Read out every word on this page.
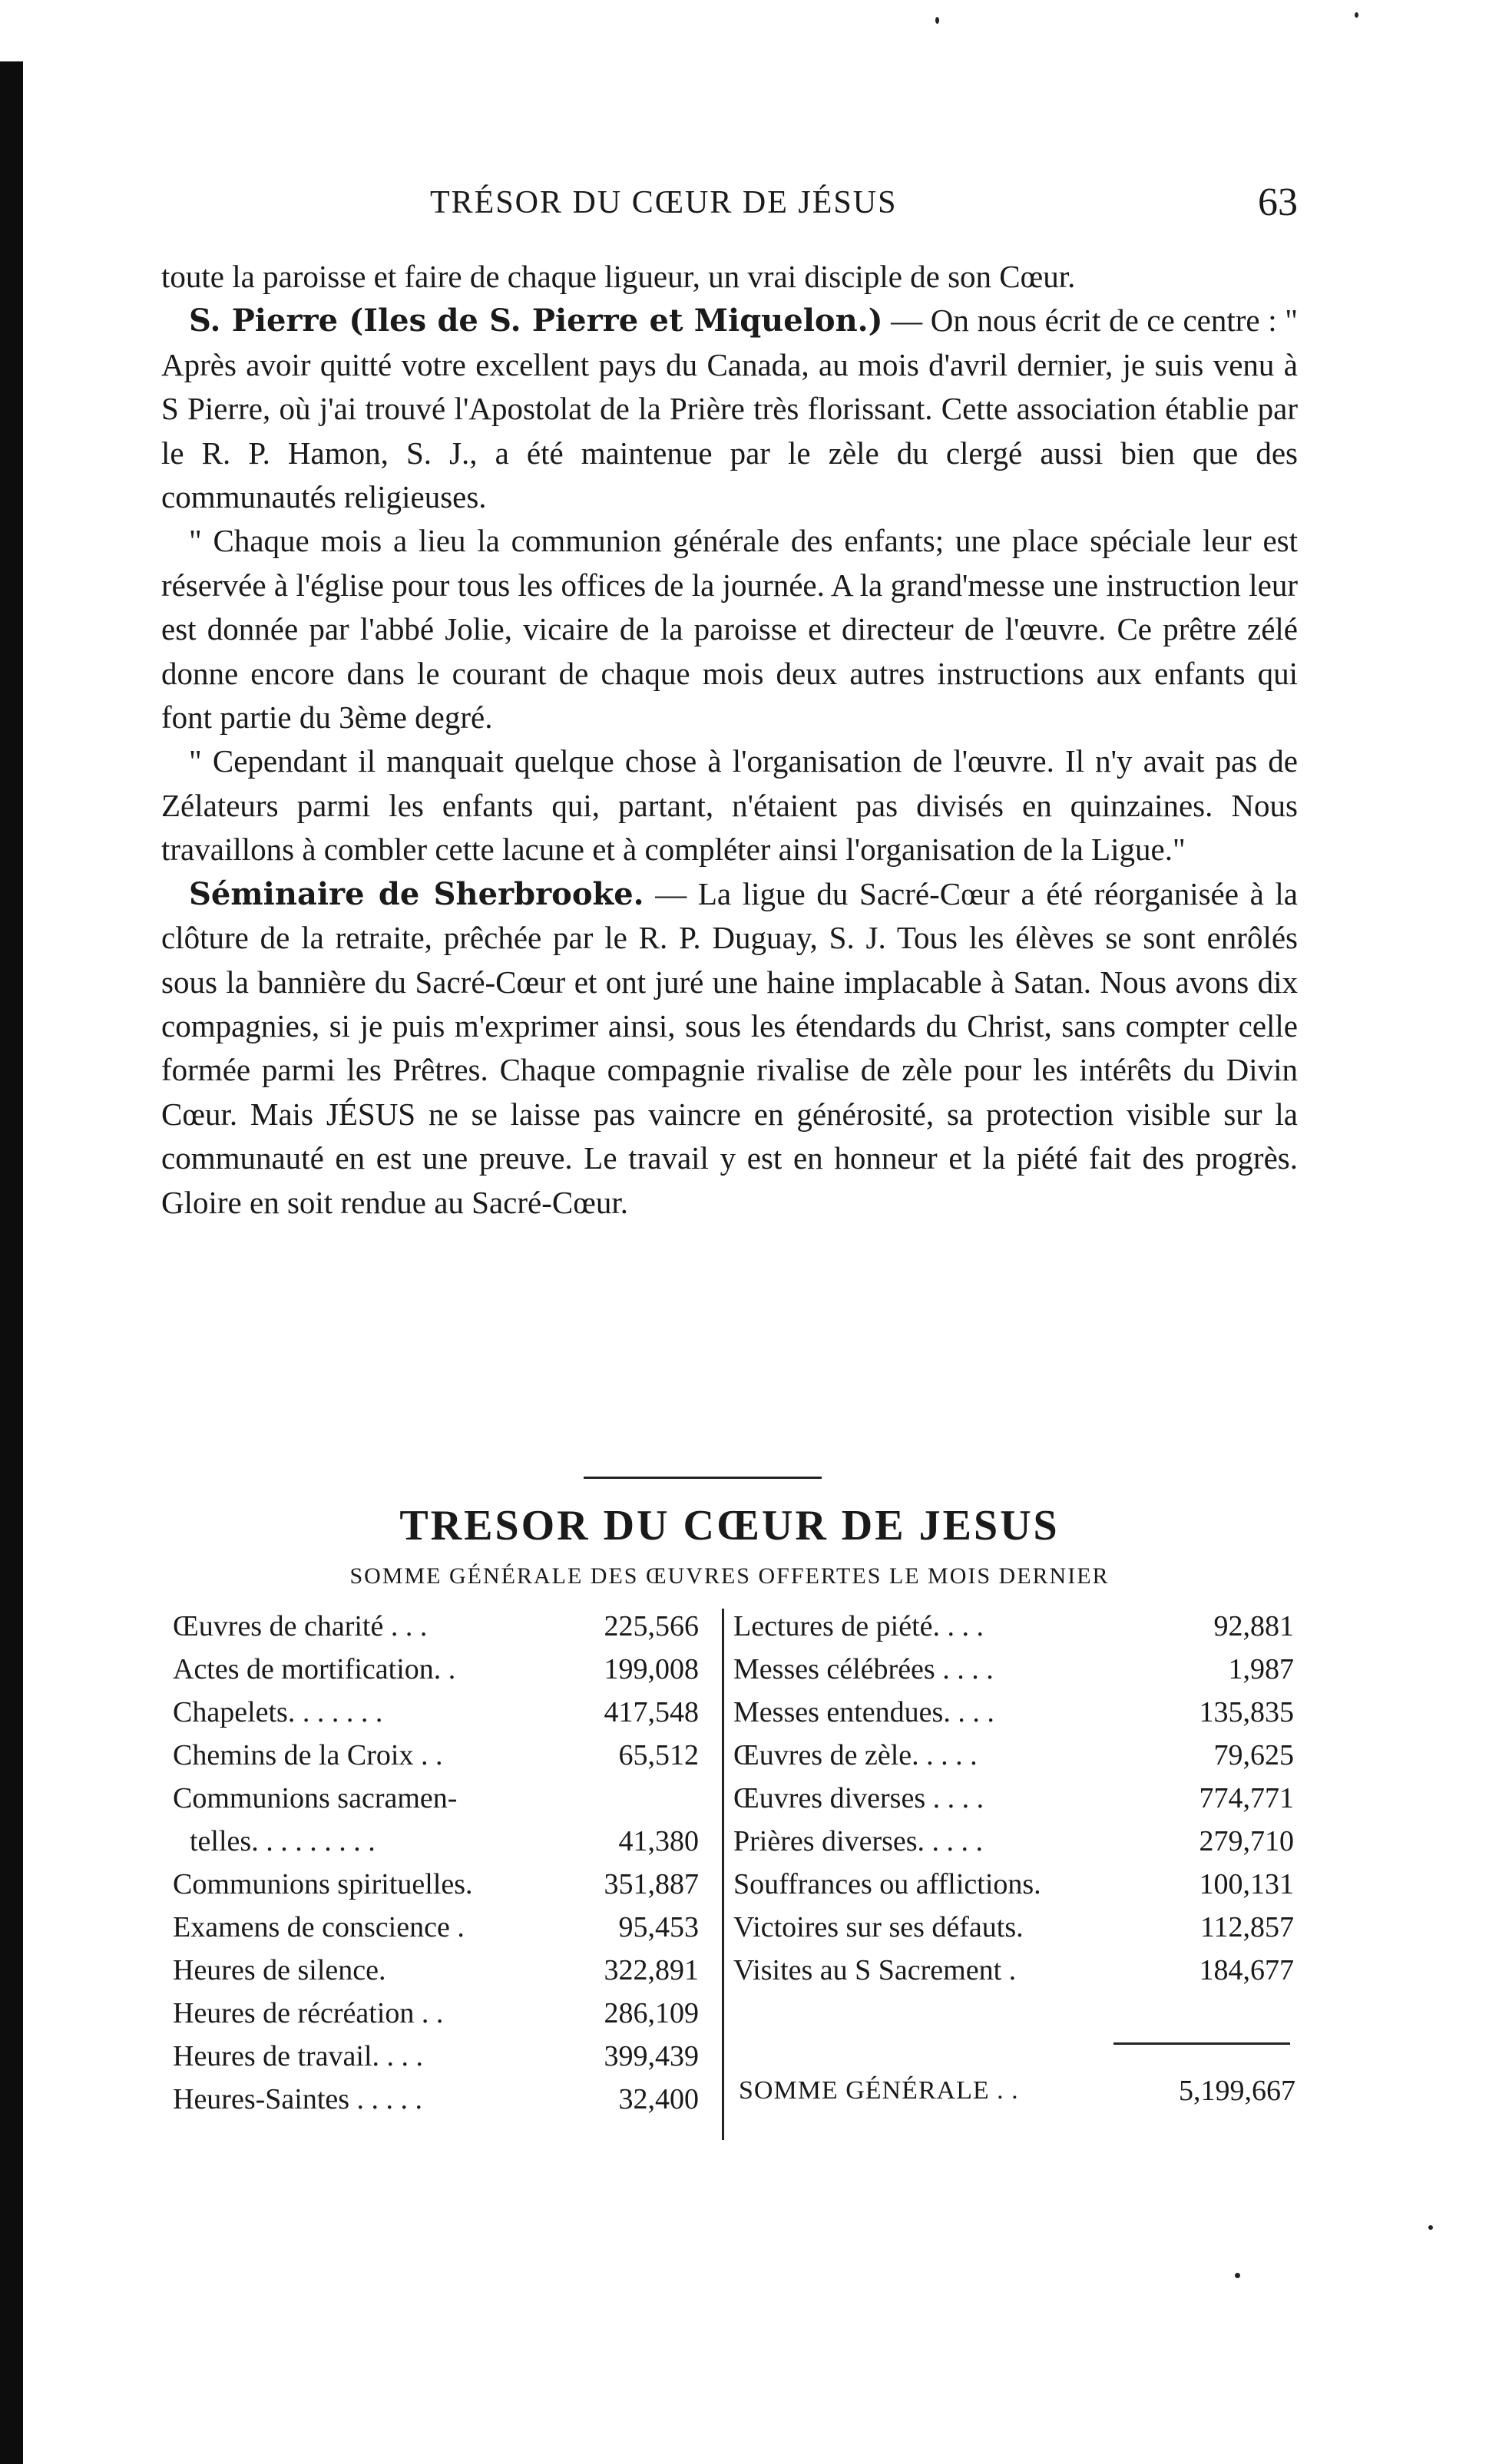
TRÉSOR DU CŒUR DE JÉSUS	63

toute la paroisse et faire de chaque ligueur, un vrai disciple de son Cœur.

S. Pierre (Iles de S. Pierre et Miquelon.) — On nous écrit de ce centre : " Après avoir quitté votre excellent pays du Canada, au mois d'avril dernier, je suis venu à S Pierre, où j'ai trouvé l'Apostolat de la Prière très florissant. Cette association établie par le R. P. Hamon, S. J., a été maintenue par le zèle du clergé aussi bien que des communautés religieuses.

" Chaque mois a lieu la communion générale des enfants; une place spéciale leur est réservée à l'église pour tous les offices de la journée. A la grand'messe une instruction leur est donnée par l'abbé Jolie, vicaire de la paroisse et directeur de l'œuvre. Ce prêtre zélé donne encore dans le courant de chaque mois deux autres instructions aux enfants qui font partie du 3ème degré.

" Cependant il manquait quelque chose à l'organisation de l'œuvre. Il n'y avait pas de Zélateurs parmi les enfants qui, partant, n'étaient pas divisés en quinzaines. Nous travaillons à combler cette lacune et à compléter ainsi l'organisation de la Ligue."

Séminaire de Sherbrooke. — La ligue du Sacré-Cœur a été réorganisée à la clôture de la retraite, prêchée par le R. P. Duguay, S. J. Tous les élèves se sont enrôlés sous la bannière du Sacré-Cœur et ont juré une haine implacable à Satan. Nous avons dix compagnies, si je puis m'exprimer ainsi, sous les étendards du Christ, sans compter celle formée parmi les Prêtres. Chaque compagnie rivalise de zèle pour les intérêts du Divin Cœur. Mais JÉSUS ne se laisse pas vaincre en générosité, sa protection visible sur la communauté en est une preuve. Le travail y est en honneur et la piété fait des progrès. Gloire en soit rendue au Sacré-Cœur.

TRESOR DU CŒUR DE JESUS
SOMME GÉNÉRALE DES ŒUVRES OFFERTES LE MOIS DERNIER
Œuvres de charité . . .	225,566
Actes de mortification. .	199,008
Chapelets. . . . . . .	417,548
Chemins de la Croix . .	65,512
Communions sacramen-
telles. . . . . . . . .	41,380
Communions spirituelles.	351,887
Examens de conscience .	95,453
Heures de silence.	322,891
Heures de récréation . .	286,109
Heures de travail. . . .	399,439
Heures-Saintes . . . . .	32,400
Lectures de piété. . . .	92,881
Messes célébrées . . . .	1,987
Messes entendues. . . .	135,835
Œuvres de zèle. . . . .	79,625
Œuvres diverses . . . .	774,771
Prières diverses. . . . .	279,710
Souffrances ou afflictions.	100,131
Victoires sur ses défauts.	112,857
Visites au S Sacrement .	184,677
SOMME GÉNÉRALE . .	5,199,667
